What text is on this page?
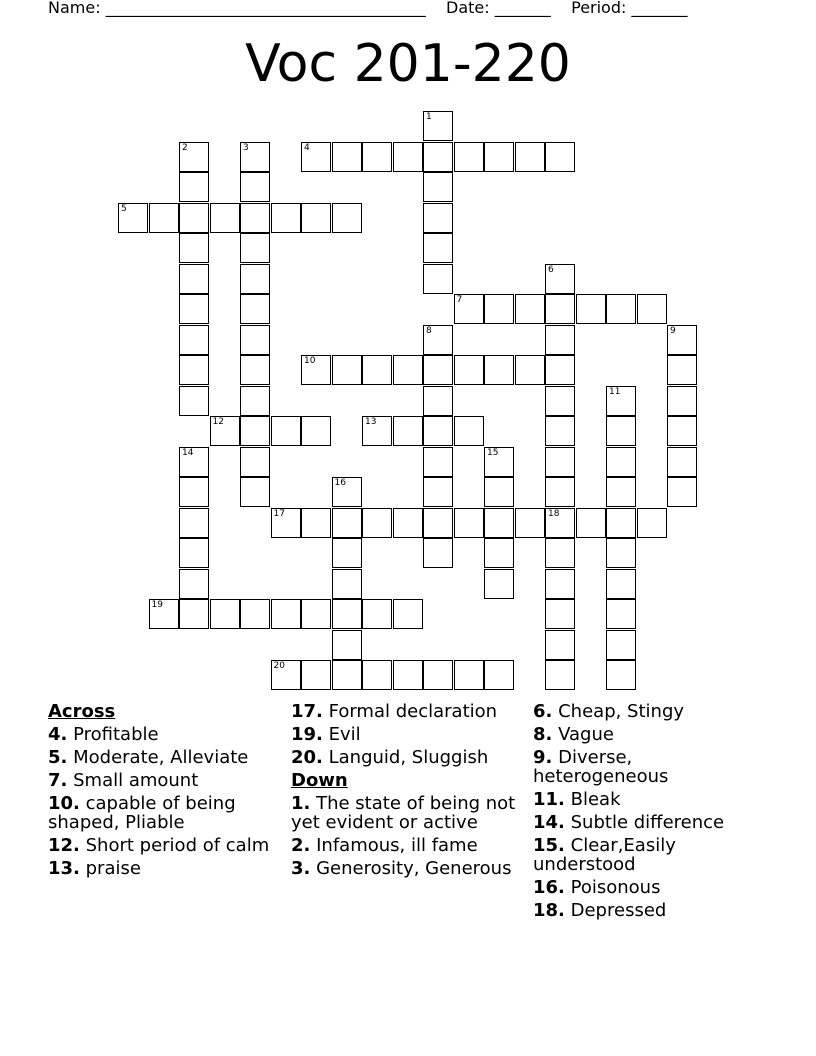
Name: ________________________________________ Date: _______ Period: _______
Voc 201-220
1
2	3	4
5
6
7
8	9
10
11
12	13
14	15
16
17	18
19
20
Across
4. Profitable
5. Moderate, Alleviate
7. Small amount
10. capable of being shaped, Pliable
12. Short period of calm
13. praise
17. Formal declaration
19. Evil
20. Languid, Sluggish
Down
1. The state of being not yet evident or active
2. Infamous, ill fame
3. Generosity, Generous
6. Cheap, Stingy
8. Vague
9. Diverse, heterogeneous
11. Bleak
14. Subtle difference
15. Clear,Easily understood
16. Poisonous
18. Depressed
